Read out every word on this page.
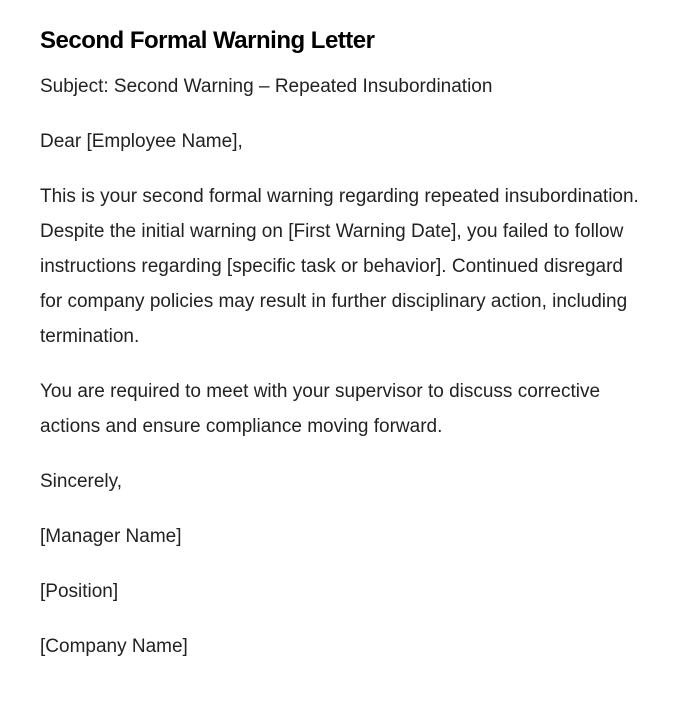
Second Formal Warning Letter

Subject: Second Warning – Repeated Insubordination

Dear [Employee Name],

This is your second formal warning regarding repeated insubordination. Despite the initial warning on [First Warning Date], you failed to follow instructions regarding [specific task or behavior]. Continued disregard for company policies may result in further disciplinary action, including termination.

You are required to meet with your supervisor to discuss corrective actions and ensure compliance moving forward.

Sincerely,

[Manager Name]

[Position]

[Company Name]
